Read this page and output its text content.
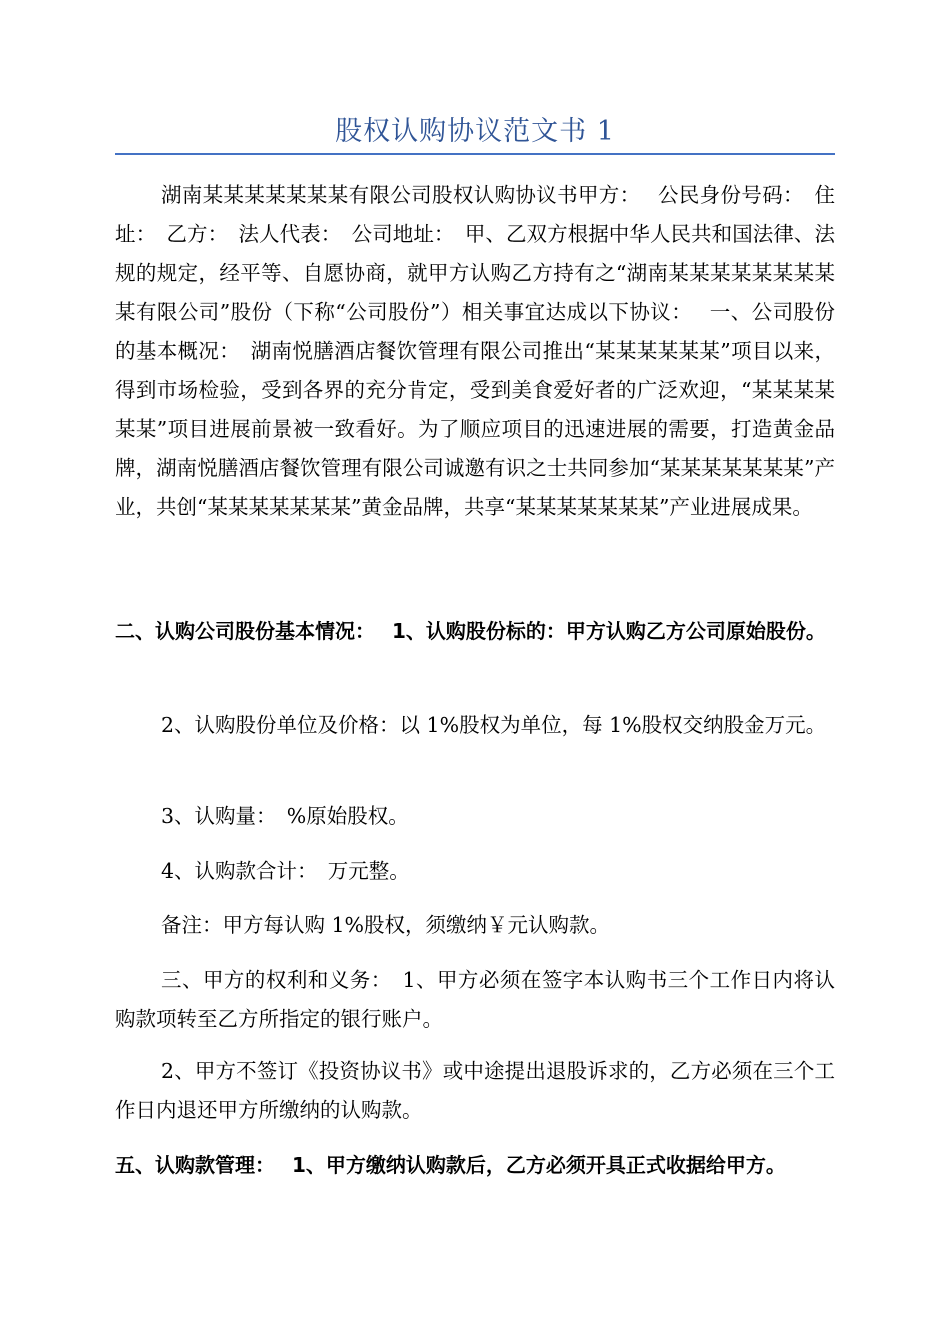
股权认购协议范文书 1

湖南某某某某某某某有限公司股权认购协议书甲方：　 公民身份号码：　住址：　乙方：　法人代表：　公司地址：　甲、乙双方根据中华人民共和国法律、法规的规定，经平等、自愿协商，就甲方认购乙方持有之“湖南某某某某某某某某某有限公司”股份（下称“公司股份”）相关事宜达成以下协议：　 一、公司股份的基本概况：　湖南悦膳酒店餐饮管理有限公司推出“某某某某某某”项目以来，得到市场检验，受到各界的充分肯定，受到美食爱好者的广泛欢迎，“某某某某某某”项目进展前景被一致看好。为了顺应项目的迅速进展的需要，打造黄金品牌，湖南悦膳酒店餐饮管理有限公司诚邀有识之士共同参加“某某某某某某某”产业，共创“某某某某某某某”黄金品牌，共享“某某某某某某某”产业进展成果。

二、认购公司股份基本情况：　 1、认购股份标的：甲方认购乙方公司原始股份。

2、认购股份单位及价格：以 1%股权为单位，每 1%股权交纳股金万元。

3、认购量：　%原始股权。

4、认购款合计：　万元整。

备注：甲方每认购 1%股权，须缴纳￥元认购款。

三、甲方的权利和义务：　1、甲方必须在签字本认购书三个工作日内将认购款项转至乙方所指定的银行账户。

2、甲方不签订《投资协议书》或中途提出退股诉求的，乙方必须在三个工作日内退还甲方所缴纳的认购款。

五、认购款管理：　 1、甲方缴纳认购款后，乙方必须开具正式收据给甲方。
